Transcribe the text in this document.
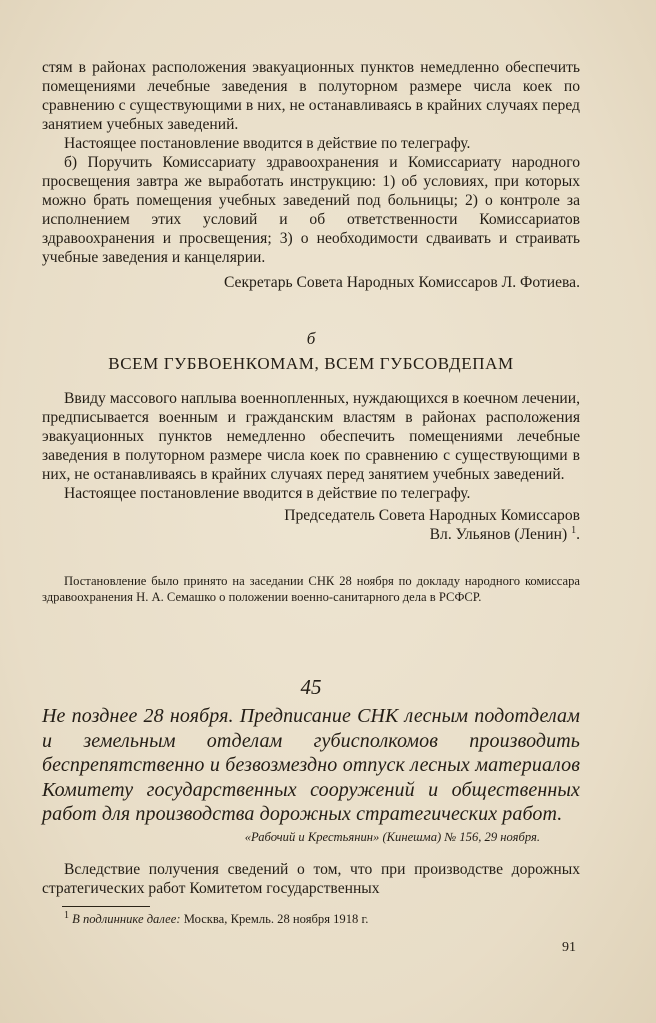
стям в районах расположения эвакуационных пунктов немедленно обеспечить помещениями лечебные заведения в полуторном размере числа коек по сравнению с существующими в них, не останавливаясь в крайних случаях перед занятием учебных заведений.

Настоящее постановление вводится в действие по телеграфу.

б) Поручить Комиссариату здравоохранения и Комиссариату народного просвещения завтра же выработать инструкцию: 1) об условиях, при которых можно брать помещения учебных заведений под больницы; 2) о контроле за исполнением этих условий и об ответственности Комиссариатов здравоохранения и просвещения; 3) о необходимости сдваивать и страивать учебные заведения и канцелярии.

Секретарь Совета Народных Комиссаров Л. Фотиева.

б
ВСЕМ ГУБВОЕНКОМАМ, ВСЕМ ГУБСОВДЕПАМ

Ввиду массового наплыва военнопленных, нуждающихся в коечном лечении, предписывается военным и гражданским властям в районах расположения эвакуационных пунктов немедленно обеспечить помещениями лечебные заведения в полуторном размере числа коек по сравнению с существующими в них, не останавливаясь в крайних случаях перед занятием учебных заведений.

Настоящее постановление вводится в действие по телеграфу.

Председатель Совета Народных Комиссаров

Вл. Ульянов (Ленин) $^1$.

Постановление было принято на заседании СНК 28 ноября по докладу народного комиссара здравоохранения Н. А. Семашко о положении военно-санитарного дела в РСФСР.

45

Не позднее 28 ноября. Предписание СНК лесным подотделам и земельным отделам губисполкомов производить беспрепятственно и безвозмездно отпуск лесных материалов Комитету государственных сооружений и общественных работ для производства дорожных стратегических работ.

«Рабочий и Крестьянин» (Кинешма) № 156, 29 ноября.

Вследствие получения сведений о том, что при производстве дорожных стратегических работ Комитетом государственных

$^1$ В подлиннике далее: Москва, Кремль. 28 ноября 1918 г.

91
